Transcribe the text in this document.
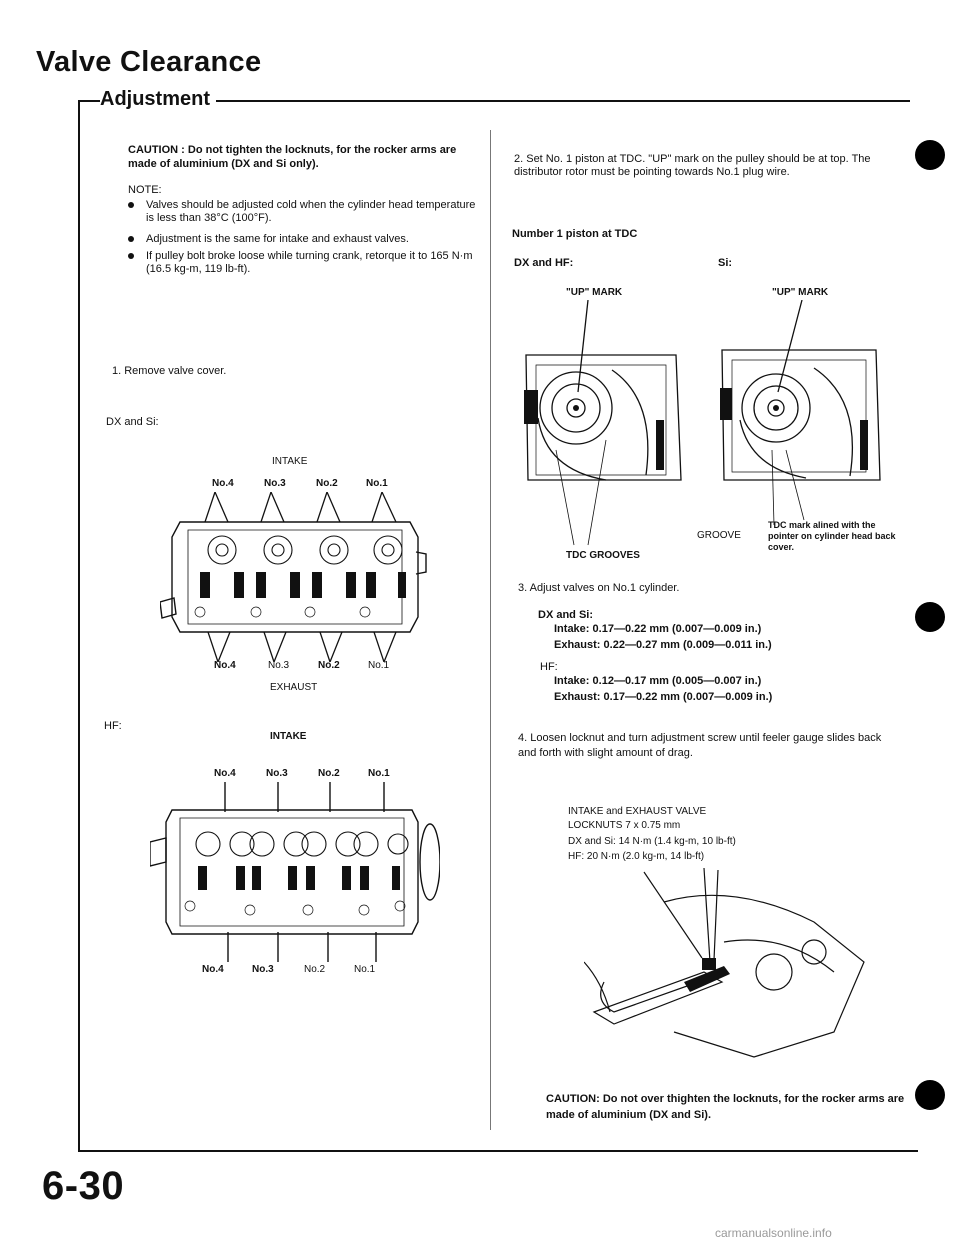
Valve Clearance
Adjustment
CAUTION : Do not tighten the locknuts, for the rocker arms are made of aluminium (DX and Si only).
NOTE:
Valves should be adjusted cold when the cylinder head temperature is less than 38°C (100°F).
Adjustment is the same for intake and exhaust valves.
If pulley bolt broke loose while turning crank, retorque it to 165 N·m (16.5 kg-m, 119 lb-ft).
1. Remove valve cover.
DX and Si:
INTAKE
No.4	No.3	No.2	No.1
No.4	No.3	No.2	No.1
EXHAUST
HF:
INTAKE
No.4	No.3	No.2	No.1
No.4	No.3	No.2	No.1
2. Set No. 1 piston at TDC. "UP" mark on the pulley should be at top. The distributor rotor must be pointing towards No.1 plug wire.
Number 1 piston at TDC
DX and HF:	Si:
"UP" MARK	"UP" MARK
GROOVE
TDC mark alined with the pointer on cylinder head back cover.
TDC GROOVES
3. Adjust valves on No.1 cylinder.
DX and Si:
Intake: 0.17—0.22 mm (0.007—0.009 in.)
Exhaust: 0.22—0.27 mm (0.009—0.011 in.)
HF:
Intake: 0.12—0.17 mm (0.005—0.007 in.)
Exhaust: 0.17—0.22 mm (0.007—0.009 in.)
4. Loosen locknut and turn adjustment screw until feeler gauge slides back and forth with slight amount of drag.
INTAKE and EXHAUST VALVE
LOCKNUTS 7 x 0.75 mm
DX and Si: 14 N·m (1.4 kg-m, 10 lb-ft)
HF: 20 N·m (2.0 kg-m, 14 lb-ft)
CAUTION: Do not over thighten the locknuts, for the rocker arms are made of aluminium (DX and Si).
6-30
carmanualsonline.info
